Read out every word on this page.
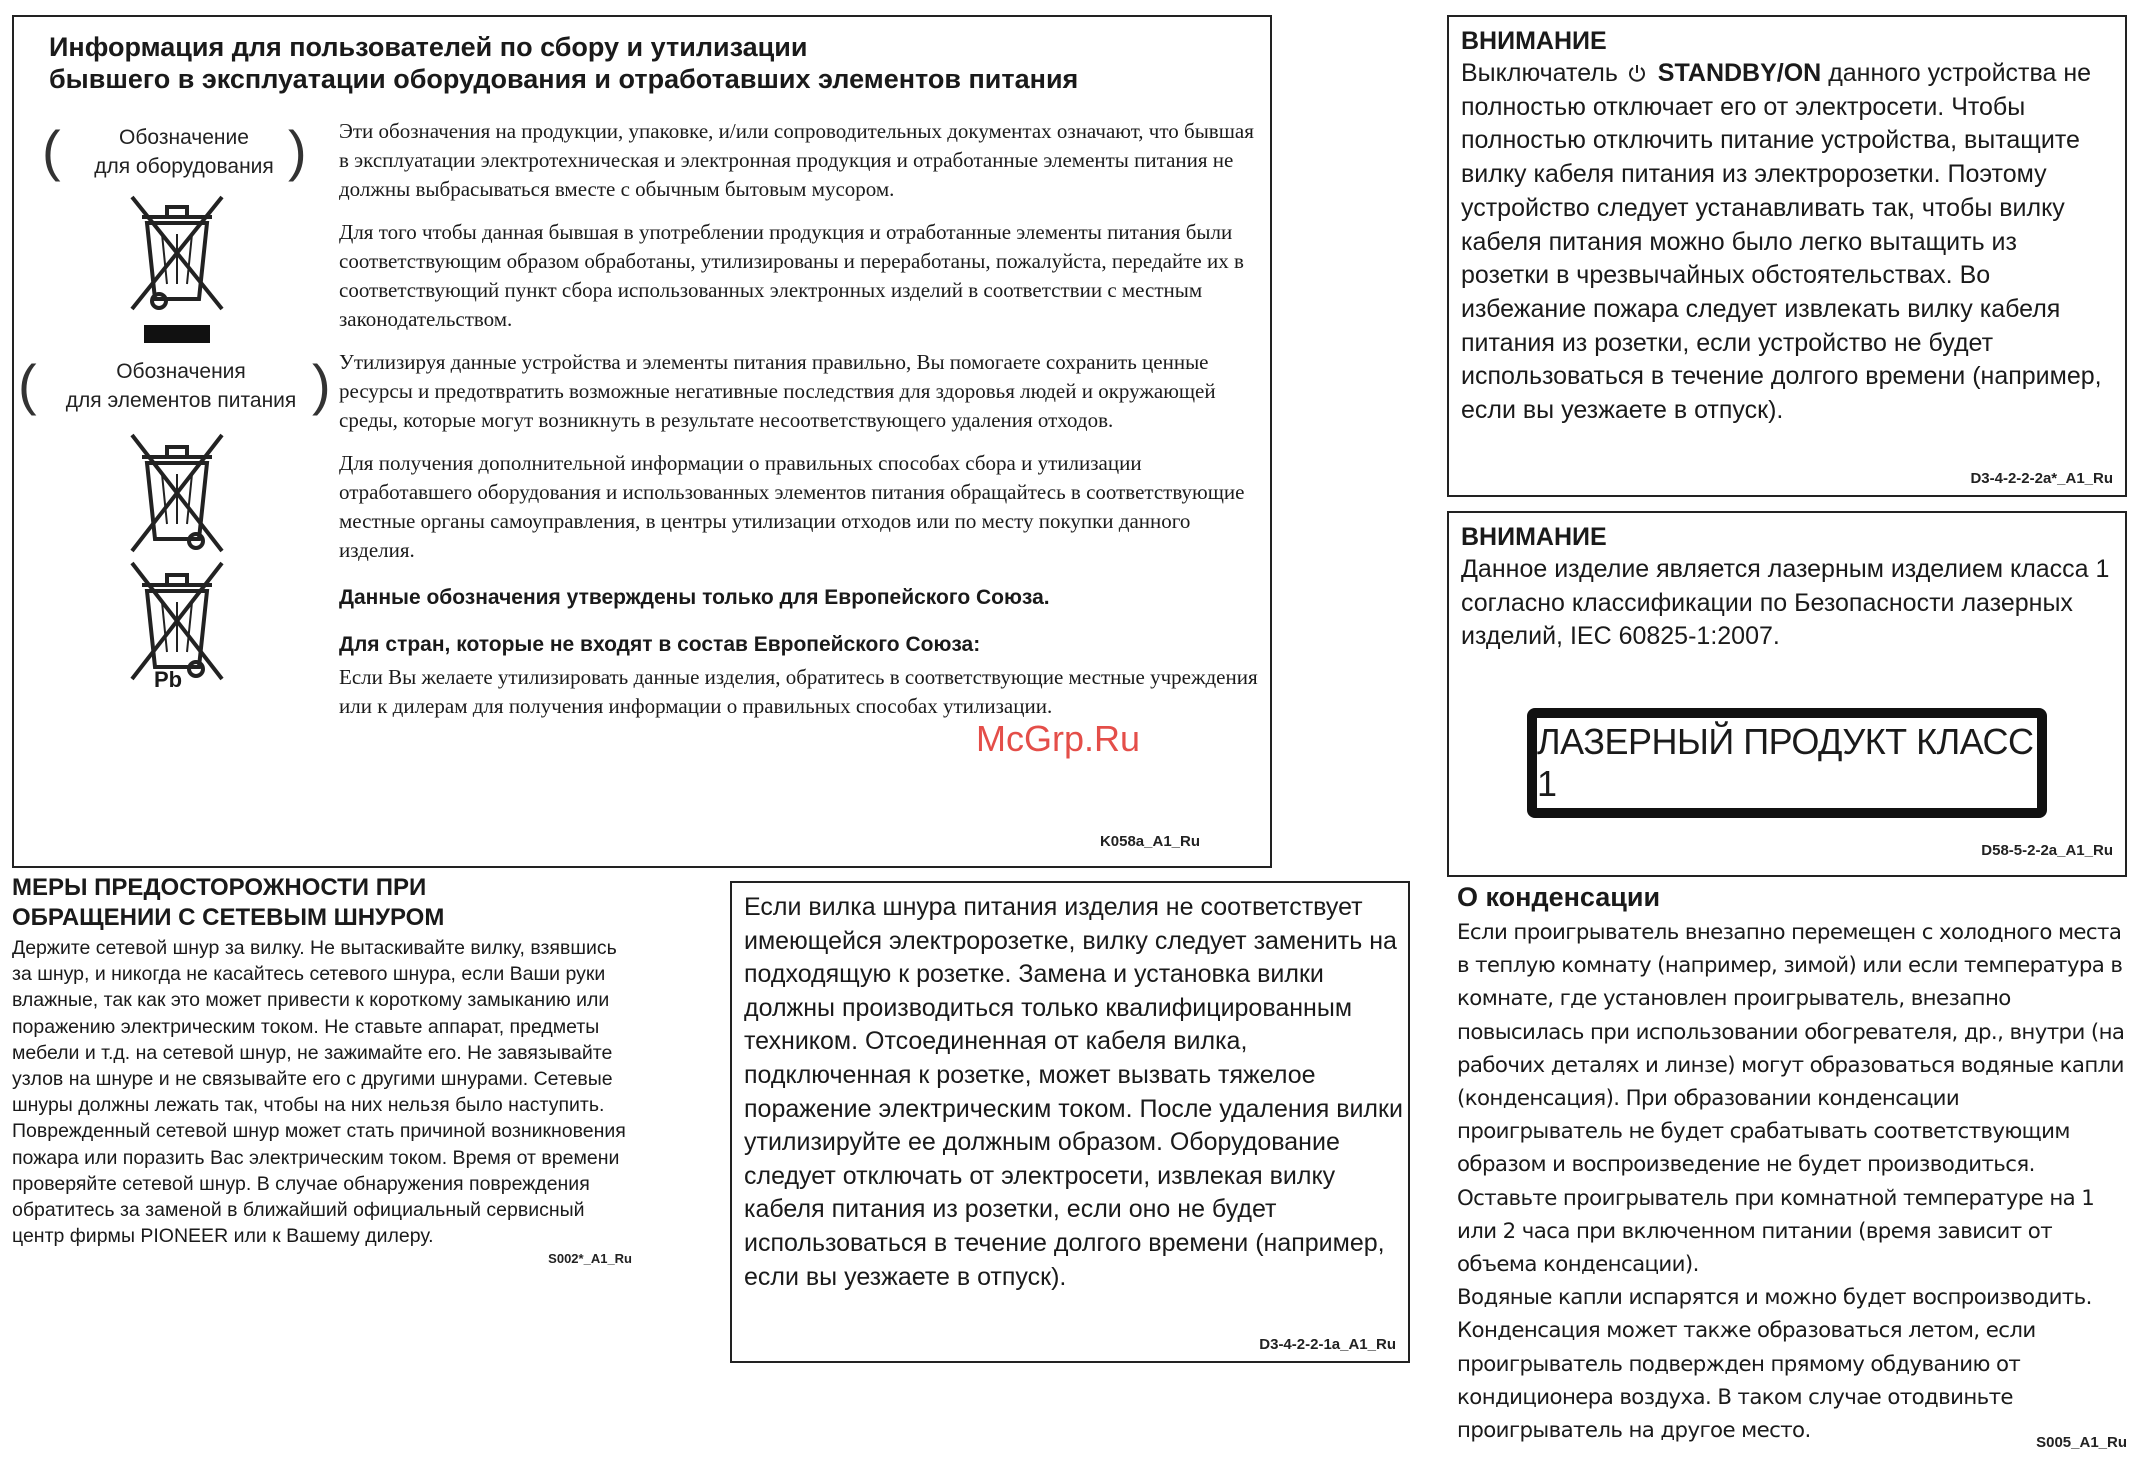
Информация для пользователей по сбору и утилизации
бывшего в эксплуатации оборудования и отработавших элементов питания
(	Обозначение
для оборудования )
(	Обозначения
для элементов питания )
Pb

Эти обозначения на продукции, упаковке, и/или сопроводительных документах означают, что бывшая в эксплуатации электротехническая и электронная продукция и отработанные элементы питания не должны выбрасываться вместе с обычным бытовым мусором.

Для того чтобы данная бывшая в употреблении продукция и отработанные элементы питания были соответствующим образом обработаны, утилизированы и переработаны, пожалуйста, передайте их в соответствующий пункт сбора использованных электронных изделий в соответствии с местным законодательством.

Утилизируя данные устройства и элементы питания правильно, Вы помогаете сохранить ценные ресурсы и предотвратить возможные негативные последствия для здоровья людей и окружающей среды, которые могут возникнуть в результате несоответствующего удаления отходов.

Для получения дополнительной информации о правильных способах сбора и утилизации отработавшего оборудования и использованных элементов питания обращайтесь в соответствующие местные органы самоуправления, в центры утилизации отходов или по месту покупки данного изделия.

Данные обозначения утверждены только для Европейского Союза.

Для стран, которые не входят в состав Европейского Союза:

Если Вы желаете утилизировать данные изделия, обратитесь в соответствующие местные учреждения или к дилерам для получения информации о правильных способах утилизации.

K058a_A1_Ru
McGrp.Ru
МЕРЫ ПРЕДОСТОРОЖНОСТИ ПРИ
ОБРАЩЕНИИ С СЕТЕВЫМ ШНУРОМ
Держите сетевой шнур за вилку. Не вытаскивайте вилку, взявшись за шнур, и никогда не касайтесь сетевого шнура, если Ваши руки влажные, так как это может привести к короткому замыканию или поражению электрическим током. Не ставьте аппарат, предметы мебели и т.д. на сетевой шнур, не зажимайте его. Не завязывайте узлов на шнуре и не связывайте его с другими шнурами. Сетевые шнуры должны лежать так, чтобы на них нельзя было наступить. Поврежденный сетевой шнур может стать причиной возникновения пожара или поразить Вас электрическим током. Время от времени проверяйте сетевой шнур. В случае обнаружения повреждения обратитесь за заменой в ближайший официальный сервисный центр фирмы PIONEER или к Вашему дилеру.
S002*_A1_Ru
Если вилка шнура питания изделия не соответствует имеющейся электророзетке, вилку следует заменить на подходящую к розетке. Замена и установка вилки должны производиться только квалифицированным техником. Отсоединенная от кабеля вилка, подключенная к розетке, может вызвать тяжелое поражение электрическим током. После удаления вилки утилизируйте ее должным образом. Оборудование следует отключать от электросети, извлекая вилку кабеля питания из розетки, если оно не будет использоваться в течение долгого времени (например, если вы уезжаете в отпуск).
D3-4-2-2-1a_A1_Ru
ВНИМАНИЕ
Выключатель STANDBY/ON данного устройства не полностью отключает его от электросети. Чтобы полностью отключить питание устройства, вытащите вилку кабеля питания из электророзетки. Поэтому устройство следует устанавливать так, чтобы вилку кабеля питания можно было легко вытащить из розетки в чрезвычайных обстоятельствах. Во избежание пожара следует извлекать вилку кабеля питания из розетки, если устройство не будет использоваться в течение долгого времени (например, если вы уезжаете в отпуск).
D3-4-2-2-2a*_A1_Ru
ВНИМАНИЕ
Данное изделие является лазерным изделием класса 1 согласно классификации по Безопасности лазерных изделий, IEC 60825-1:2007.
ЛАЗЕРНЫЙ ПРОДУКТ КЛАСС 1
D58-5-2-2a_A1_Ru
О конденсации
Если проигрыватель внезапно перемещен с холодного места в теплую комнату (например, зимой) или если температура в комнате, где установлен проигрыватель, внезапно повысилась при использовании обогревателя, др., внутри (на рабочих деталях и линзе) могут образоваться водяные капли (конденсация). При образовании конденсации проигрыватель не будет срабатывать соответствующим образом и воспроизведение не будет производиться. Оставьте проигрыватель при комнатной температуре на 1 или 2 часа при включенном питании (время зависит от объема конденсации).
Водяные капли испарятся и можно будет воспроизводить. Конденсация может также образоваться летом, если проигрыватель подвержден прямому обдуванию от кондиционера воздуха. В таком случае отодвиньте проигрыватель на другое место.	S005_A1_Ru
